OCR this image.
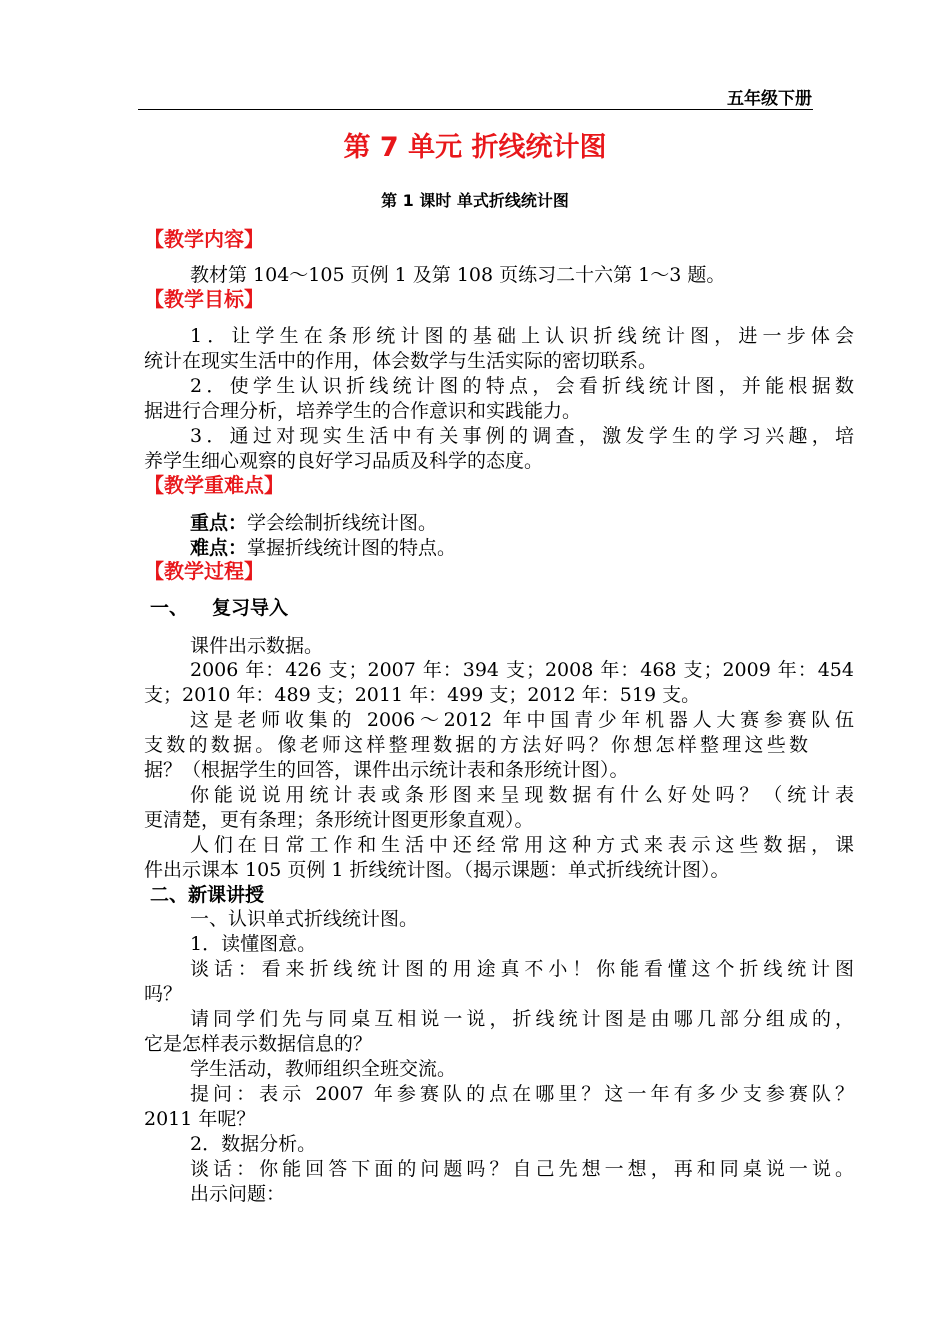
五年级下册
第 7 单元 折线统计图
第 1 课时 单式折线统计图
【教学内容】
教材第 104～105 页例 1 及第 108 页练习二十六第 1～3 题。
【教学目标】
1．让学生在条形统计图的基础上认识折线统计图，进一步体会
统计在现实生活中的作用，体会数学与生活实际的密切联系。
2．使学生认识折线统计图的特点，会看折线统计图，并能根据数
据进行合理分析，培养学生的合作意识和实践能力。
3．通过对现实生活中有关事例的调查，激发学生的学习兴趣，培
养学生细心观察的良好学习品质及科学的态度。
【教学重难点】
重点：学会绘制折线统计图。
难点：掌握折线统计图的特点。
【教学过程】
一、 复习导入
课件出示数据。
2006 年：426 支；2007 年：394 支；2008 年：468 支；2009 年：454
支；2010 年：489 支；2011 年：499 支；2012 年：519 支。
这是老师收集的 2006～2012 年中国青少年机器人大赛参赛队伍
支数的数据。像老师这样整理数据的方法好吗？你想怎样整理这些数
据？（根据学生的回答，课件出示统计表和条形统计图）。
你能说说用统计表或条形图来呈现数据有什么好处吗？（统计表
更清楚，更有条理；条形统计图更形象直观）。
人们在日常工作和生活中还经常用这种方式来表示这些数据，课
件出示课本 105 页例 1 折线统计图。（揭示课题：单式折线统计图）。
二、新课讲授
一、认识单式折线统计图。
1．读懂图意。
谈话：看来折线统计图的用途真不小！你能看懂这个折线统计图
吗？
请同学们先与同桌互相说一说，折线统计图是由哪几部分组成的，
它是怎样表示数据信息的？
学生活动，教师组织全班交流。
提问：表示 2007 年参赛队的点在哪里？这一年有多少支参赛队？
2011 年呢？
2．数据分析。
谈话：你能回答下面的问题吗？自己先想一想，再和同桌说一说。
出示问题：
